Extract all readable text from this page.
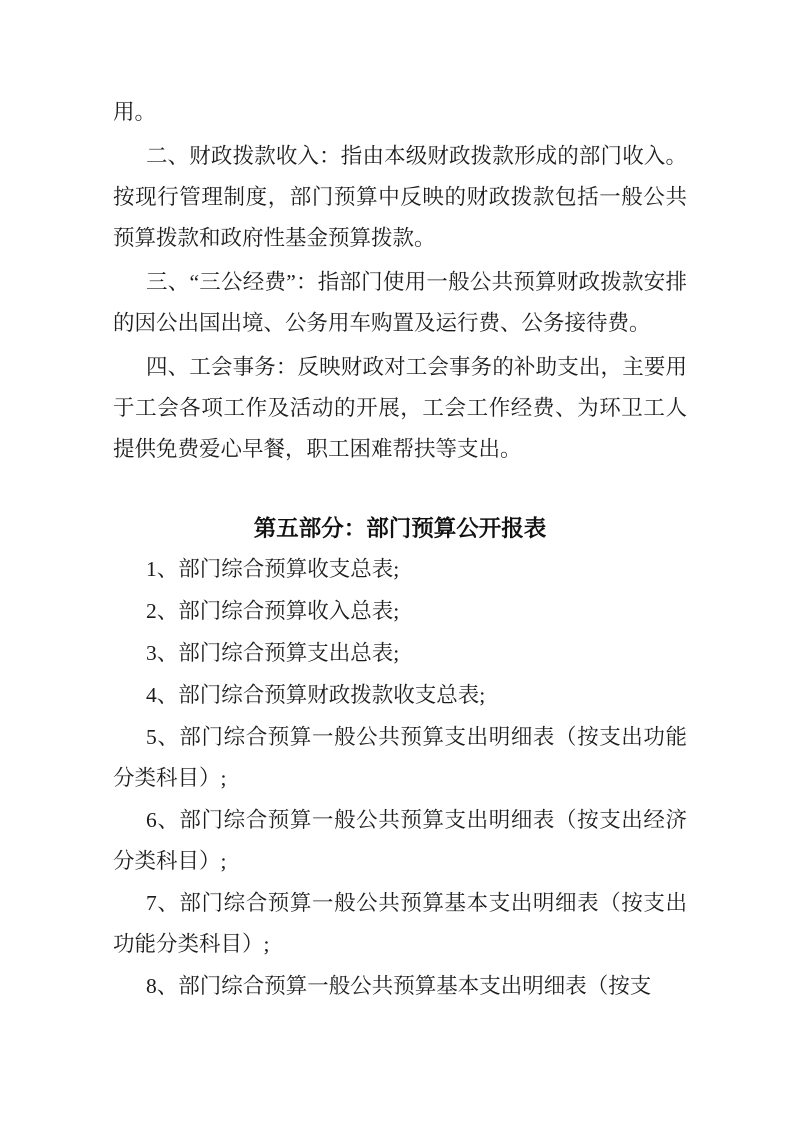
用。

二、财政拨款收入：指由本级财政拨款形成的部门收入。按现行管理制度，部门预算中反映的财政拨款包括一般公共预算拨款和政府性基金预算拨款。

三、“三公经费”：指部门使用一般公共预算财政拨款安排的因公出国出境、公务用车购置及运行费、公务接待费。

四、工会事务：反映财政对工会事务的补助支出，主要用于工会各项工作及活动的开展，工会工作经费、为环卫工人提供免费爱心早餐，职工困难帮扶等支出。

第五部分：部门预算公开报表

1、部门综合预算收支总表;

2、部门综合预算收入总表;

3、部门综合预算支出总表;

4、部门综合预算财政拨款收支总表;

5、部门综合预算一般公共预算支出明细表（按支出功能分类科目）;

6、部门综合预算一般公共预算支出明细表（按支出经济分类科目）;

7、部门综合预算一般公共预算基本支出明细表（按支出功能分类科目）;

8、部门综合预算一般公共预算基本支出明细表（按支
